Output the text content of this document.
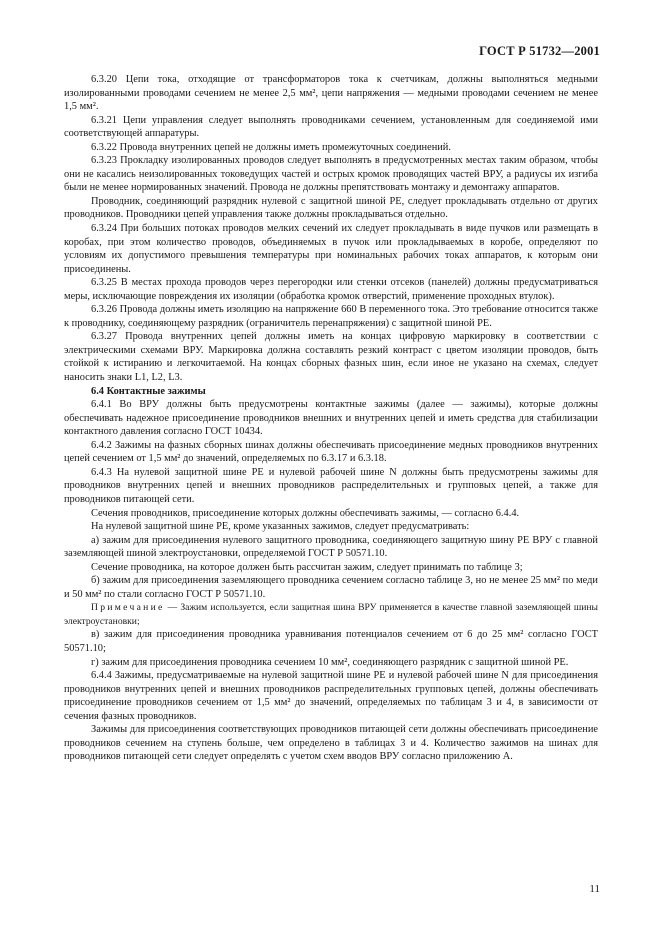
ГОСТ Р 51732—2001

6.3.20 Цепи тока, отходящие от трансформаторов тока к счетчикам, должны выполняться медными изолированными проводами сечением не менее 2,5 мм², цепи напряжения — медными проводами сечением не менее 1,5 мм².

6.3.21 Цепи управления следует выполнять проводниками сечением, установленным для соединяемой ими соответствующей аппаратуры.

6.3.22 Провода внутренних цепей не должны иметь промежуточных соединений.

6.3.23 Прокладку изолированных проводов следует выполнять в предусмотренных местах таким образом, чтобы они не касались неизолированных токоведущих частей и острых кромок проводящих частей ВРУ, а радиусы их изгиба были не менее нормированных значений. Провода не должны препятствовать монтажу и демонтажу аппаратов.

Проводник, соединяющий разрядник нулевой с защитной шиной PE, следует прокладывать отдельно от других проводников. Проводники цепей управления также должны прокладываться отдельно.

6.3.24 При больших потоках проводов мелких сечений их следует прокладывать в виде пучков или размещать в коробах, при этом количество проводов, объединяемых в пучок или прокладываемых в коробе, определяют по условиям их допустимого превышения температуры при номинальных рабочих токах аппаратов, к которым они присоединены.

6.3.25 В местах прохода проводов через перегородки или стенки отсеков (панелей) должны предусматриваться меры, исключающие повреждения их изоляции (обработка кромок отверстий, применение проходных втулок).

6.3.26 Провода должны иметь изоляцию на напряжение 660 В переменного тока. Это требование относится также к проводнику, соединяющему разрядник (ограничитель перенапряжения) с защитной шиной PE.

6.3.27 Провода внутренних цепей должны иметь на концах цифровую маркировку в соответствии с электрическими схемами ВРУ. Маркировка должна составлять резкий контраст с цветом изоляции проводов, быть стойкой к истиранию и легкочитаемой. На концах сборных фазных шин, если иное не указано на схемах, следует наносить знаки L1, L2, L3.

6.4 Контактные зажимы

6.4.1 Во ВРУ должны быть предусмотрены контактные зажимы (далее — зажимы), которые должны обеспечивать надежное присоединение проводников внешних и внутренних цепей и иметь средства для стабилизации контактного давления согласно ГОСТ 10434.

6.4.2 Зажимы на фазных сборных шинах должны обеспечивать присоединение медных проводников внутренних цепей сечением от 1,5 мм² до значений, определяемых по 6.3.17 и 6.3.18.

6.4.3 На нулевой защитной шине PE и нулевой рабочей шине N должны быть предусмотрены зажимы для проводников внутренних цепей и внешних проводников распределительных и групповых цепей, а также для проводников питающей сети.

Сечения проводников, присоединение которых должны обеспечивать зажимы, — согласно 6.4.4.

На нулевой защитной шине PE, кроме указанных зажимов, следует предусматривать:

а) зажим для присоединения нулевого защитного проводника, соединяющего защитную шину PE ВРУ с главной заземляющей шиной электроустановки, определяемой ГОСТ Р 50571.10.

Сечение проводника, на которое должен быть рассчитан зажим, следует принимать по таблице 3;

б) зажим для присоединения заземляющего проводника сечением согласно таблице 3, но не менее 25 мм² по меди и 50 мм² по стали согласно ГОСТ Р 50571.10.

Примечание — Зажим используется, если защитная шина ВРУ применяется в качестве главной заземляющей шины электроустановки;

в) зажим для присоединения проводника уравнивания потенциалов сечением от 6 до 25 мм² согласно ГОСТ 50571.10;

г) зажим для присоединения проводника сечением 10 мм², соединяющего разрядник с защитной шиной PE.

6.4.4 Зажимы, предусматриваемые на нулевой защитной шине PE и нулевой рабочей шине N для присоединения проводников внутренних цепей и внешних проводников распределительных групповых цепей, должны обеспечивать присоединение проводников сечением от 1,5 мм² до значений, определяемых по таблицам 3 и 4, в зависимости от сечения фазных проводников.

Зажимы для присоединения соответствующих проводников питающей сети должны обеспечивать присоединение проводников сечением на ступень больше, чем определено в таблицах 3 и 4. Количество зажимов на шинах для проводников питающей сети следует определять с учетом схем вводов ВРУ согласно приложению А.

11
